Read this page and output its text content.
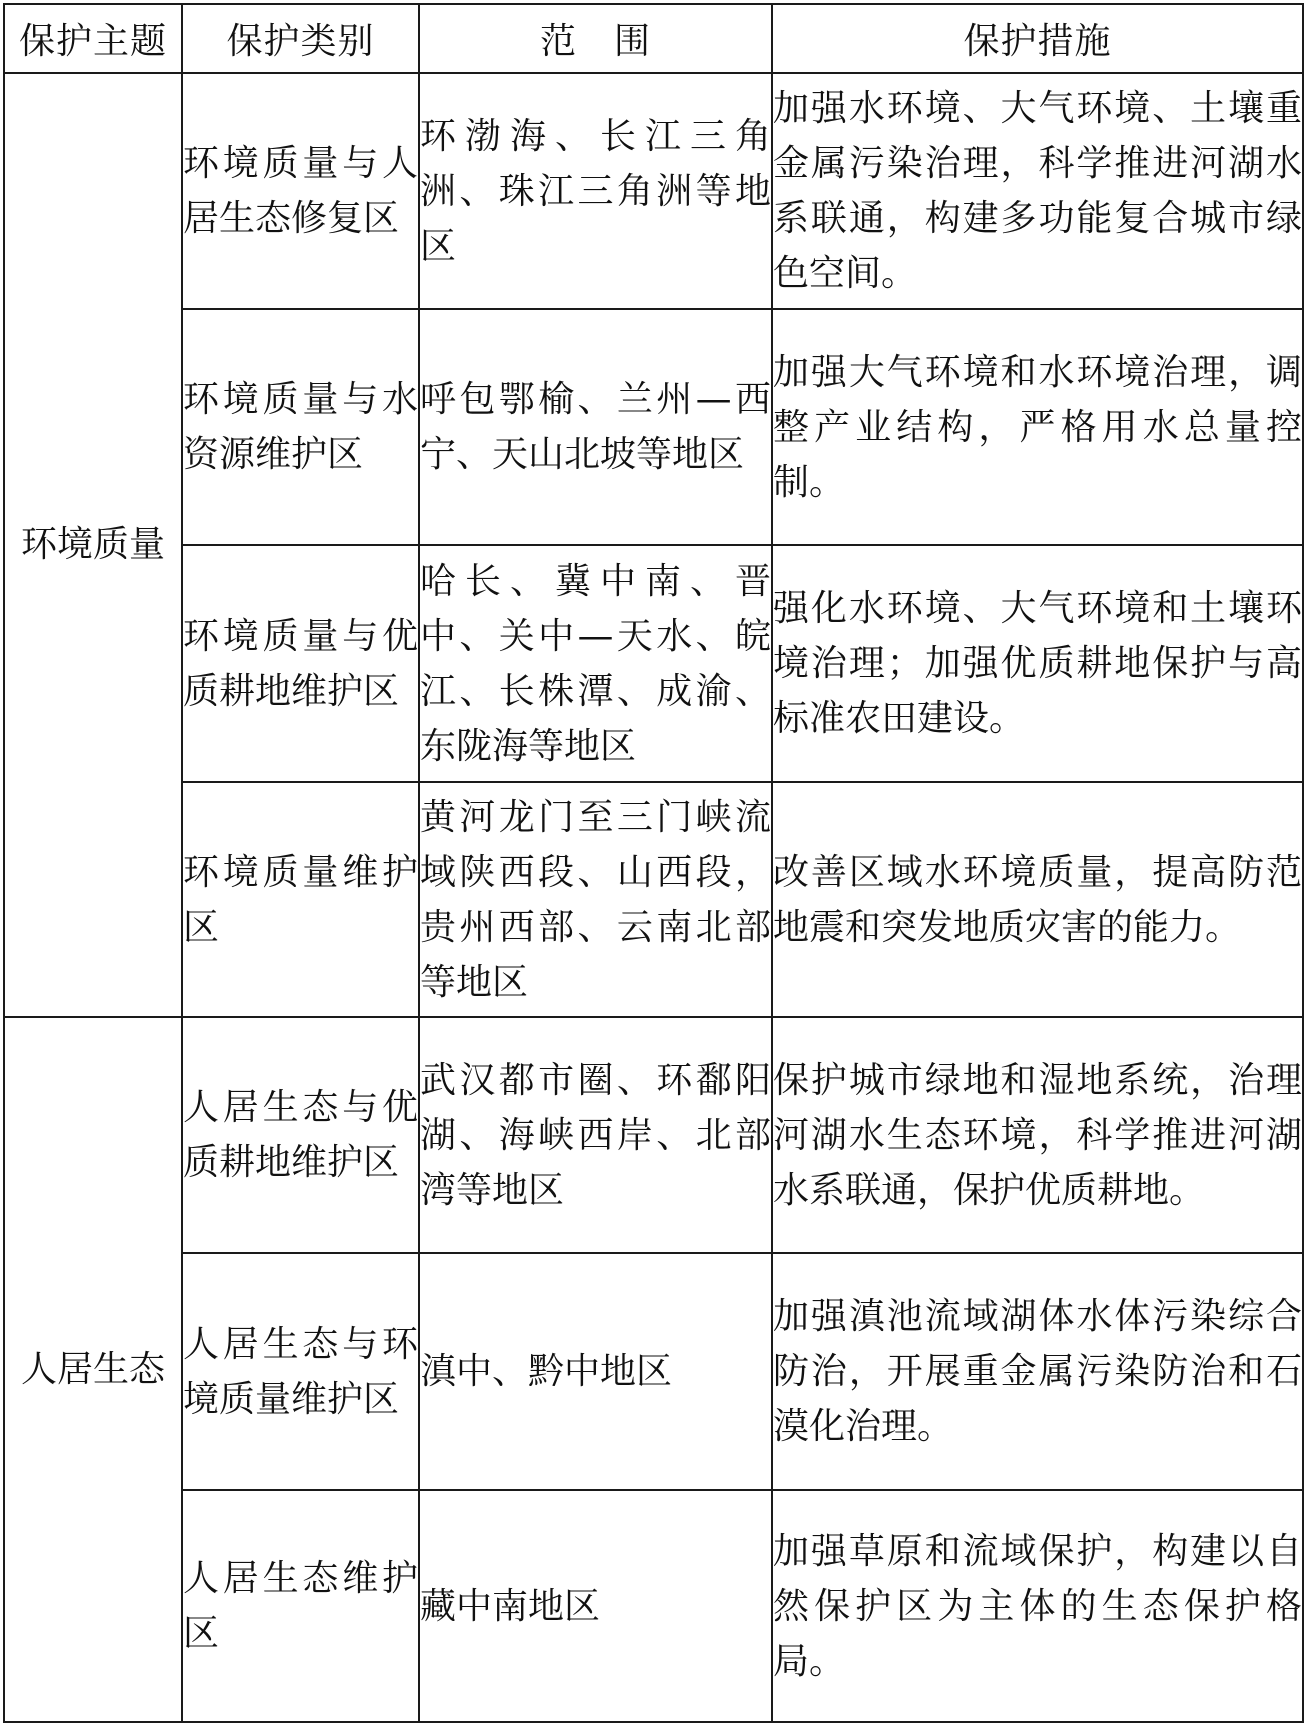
保护主题	保护类别	范　围	保护措施
环境质量	环境质量与人居生态修复区	环渤海、长江三角洲、珠江三角洲等地区	加强水环境、大气环境、土壤重金属污染治理，科学推进河湖水系联通，构建多功能复合城市绿色空间。
	环境质量与水资源维护区	呼包鄂榆、兰州—西宁、天山北坡等地区	加强大气环境和水环境治理，调整产业结构，严格用水总量控制。
	环境质量与优质耕地维护区	哈长、冀中南、晋中、关中—天水、皖江、长株潭、成渝、东陇海等地区	强化水环境、大气环境和土壤环境治理；加强优质耕地保护与高标准农田建设。
	环境质量维护区	黄河龙门至三门峡流域陕西段、山西段，贵州西部、云南北部等地区	改善区域水环境质量，提高防范地震和突发地质灾害的能力。
人居生态	人居生态与优质耕地维护区	武汉都市圈、环鄱阳湖、海峡西岸、北部湾等地区	保护城市绿地和湿地系统，治理河湖水生态环境，科学推进河湖水系联通，保护优质耕地。
	人居生态与环境质量维护区	滇中、黔中地区	加强滇池流域湖体水体污染综合防治，开展重金属污染防治和石漠化治理。
	人居生态维护区	藏中南地区	加强草原和流域保护，构建以自然保护区为主体的生态保护格局。
